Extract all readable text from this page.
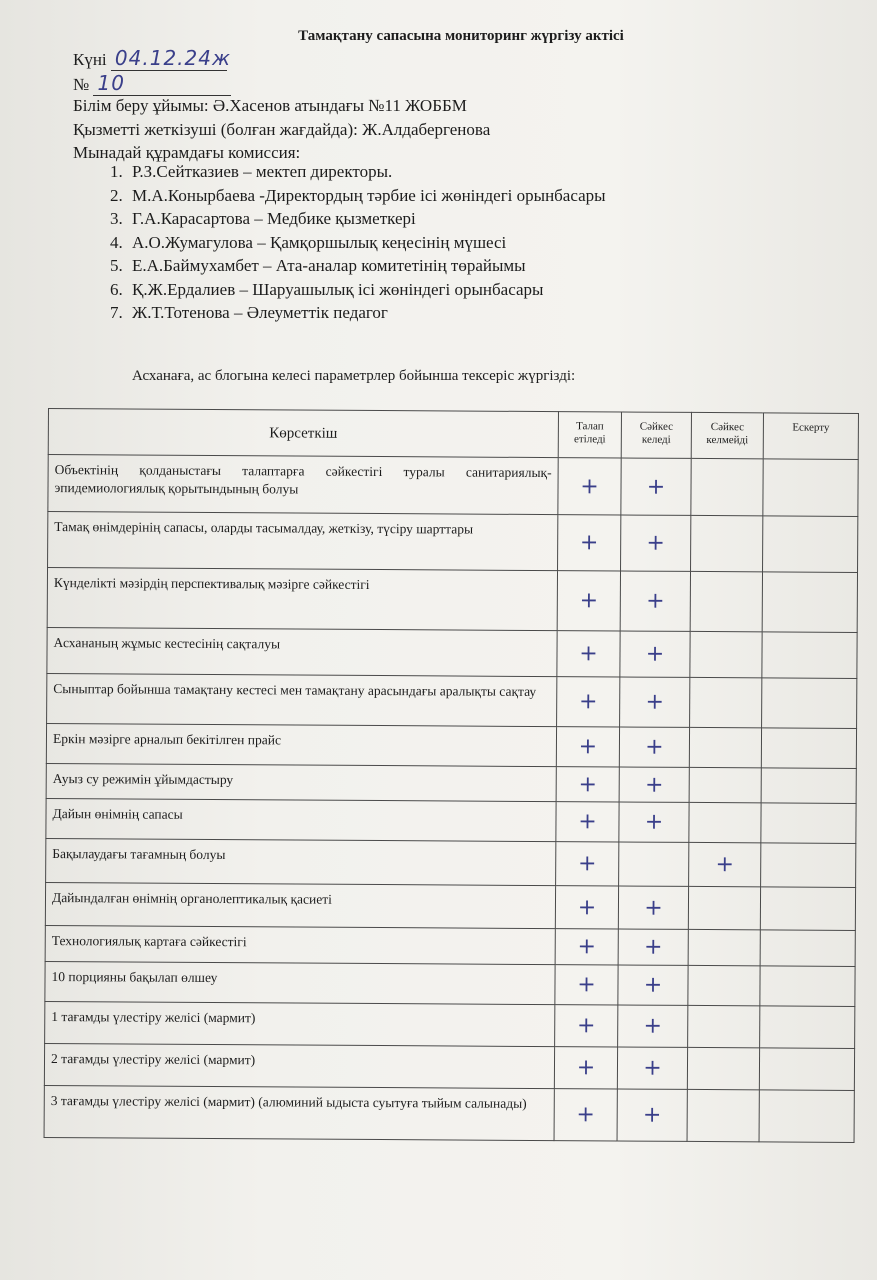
Тамақтану сапасына мониторинг жүргізу актісі
Күні 04.12.24ж
№ 10
Білім беру ұйымы: Ә.Хасенов атындағы №11 ЖОББМ
Қызметті жеткізуші (болған жағдайда): Ж.Алдабергенова
Мынадай құрамдағы комиссия:
1. Р.З.Сейтказиев – мектеп директоры.
2. М.А.Конырбаева -Директордың тәрбие ісі жөніндегі орынбасары
3. Г.А.Карасартова – Медбике қызметкері
4. А.О.Жумагулова – Қамқоршылық кеңесінің мүшесі
5. Е.А.Баймухамбет – Ата-аналар комитетінің төрайымы
6. Қ.Ж.Ердалиев – Шаруашылық ісі жөніндегі орынбасары
7. Ж.Т.Тотенова – Әлеуметтік педагог
Асханаға, ас блогына келесі параметрлер бойынша тексеріс жүргізді:
Көрсеткіш	Талап етіледі	Сәйкес келеді	Сәйкес келмейді	Ескерту
Объектінің қолданыстағы талаптарға сәйкестігі туралы санитариялық-эпидемиологиялық қорытындының болуы	+	+		
Тамақ өнімдерінің сапасы, оларды тасымалдау, жеткізу, түсіру шарттары	+	+		
Күнделікті мәзірдің перспективалық мәзірге сәйкестігі	+	+		
Асхананың жұмыс кестесінің сақталуы	+	+		
Сыныптар бойынша тамақтану кестесі мен тамақтану арасындағы аралықты сақтау	+	+		
Еркін мәзірге арналып бекітілген прайс	+	+		
Ауыз су режимін ұйымдастыру	+	+		
Дайын өнімнің сапасы	+	+		
Бақылаудағы тағамның болуы	+		+	
Дайындалған өнімнің органолептикалық қасиеті	+	+		
Технологиялық картаға сәйкестігі	+	+		
10 порцияны бақылап өлшеу	+	+		
1 тағамды үлестіру желісі (мармит)	+	+		
2 тағамды үлестіру желісі (мармит)	+	+		
3 тағамды үлестіру желісі (мармит) (алюминий ыдыста суытуға тыйым салынады)	+	+		
